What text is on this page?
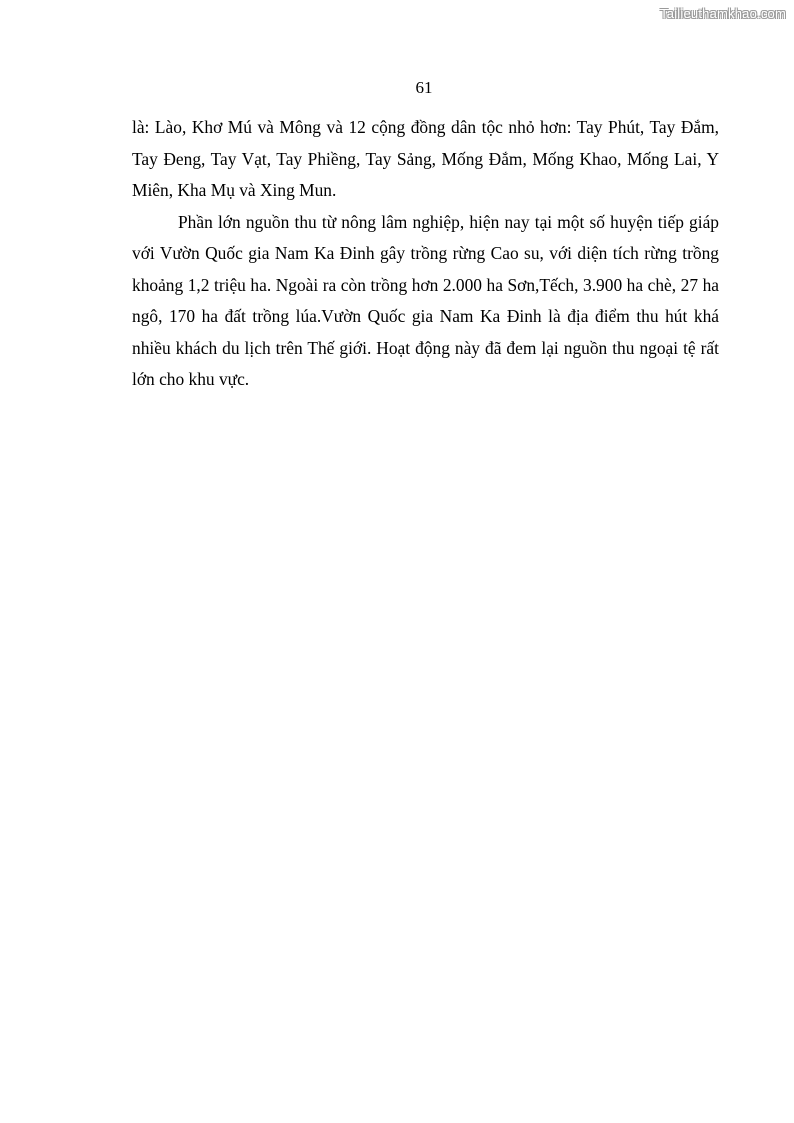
Tailieuthamkhao.com
61

là: Lào, Khơ Mú và Mông và 12 cộng đồng dân tộc nhỏ hơn: Tay Phút, Tay Đắm, Tay Đeng, Tay Vạt, Tay Phiềng, Tay Sảng, Mống Đắm, Mống Khao, Mống Lai, Y Miên, Kha Mụ và Xing Mun.

Phần lớn nguồn thu từ nông lâm nghiệp, hiện nay tại một số huyện tiếp giáp với Vườn Quốc gia Nam Ka Đinh gây trồng rừng Cao su, với diện tích rừng trồng khoảng 1,2 triệu ha. Ngoài ra còn trồng hơn 2.000 ha Sơn,Tếch, 3.900 ha chè, 27 ha ngô, 170 ha đất trồng lúa.Vườn Quốc gia Nam Ka Đinh là địa điểm thu hút khá nhiều khách du lịch trên Thế giới. Hoạt động này đã đem lại nguồn thu ngoại tệ rất lớn cho khu vực.
